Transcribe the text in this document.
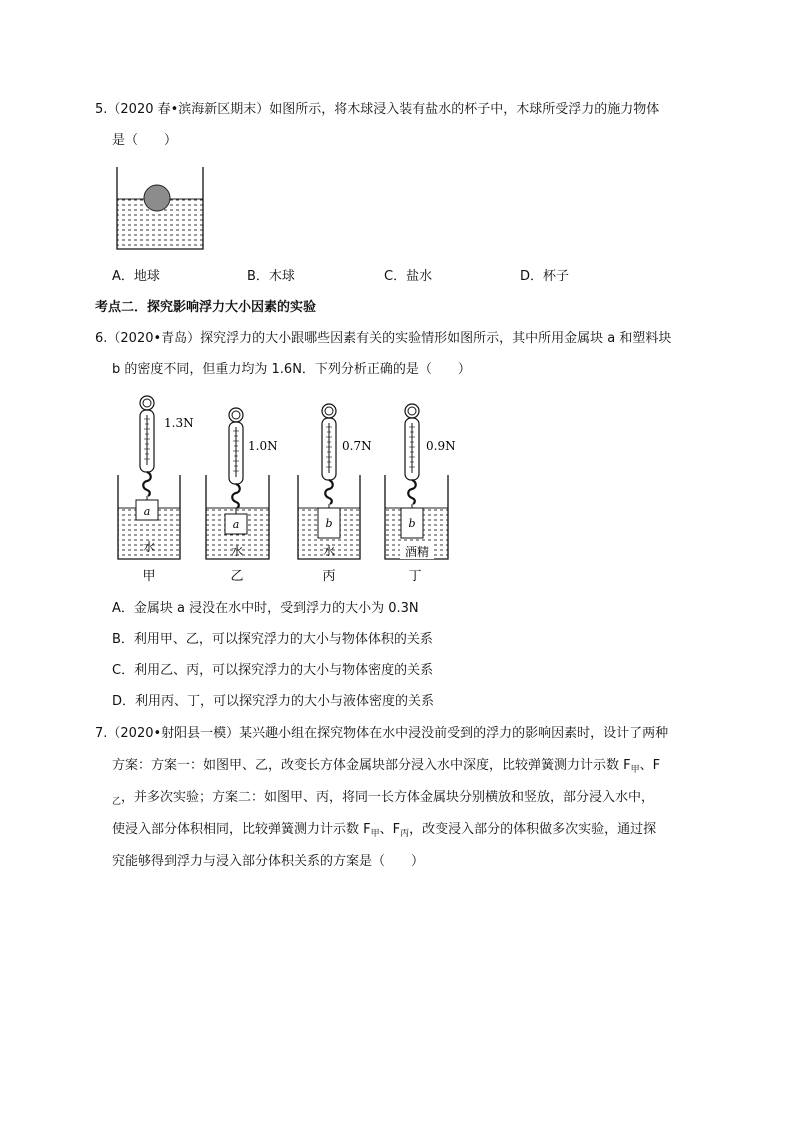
5.（2020 春•滨海新区期末）如图所示，将木球浸入装有盐水的杯子中，木球所受浮力的施力物体
是（　　）
A．地球	B．木球	C．盐水	D．杯子
考点二．探究影响浮力大小因素的实验
6.（2020•青岛）探究浮力的大小跟哪些因素有关的实验情形如图所示，其中所用金属块 a 和塑料块
b 的密度不同，但重力均为 1.6N．下列分析正确的是（　　）
a
1.3N
水
甲
a
1.0N
水
乙
b
0.7N
水
丙
b
0.9N
酒精
丁
A．金属块 a 浸没在水中时，受到浮力的大小为 0.3N
B．利用甲、乙，可以探究浮力的大小与物体体积的关系
C．利用乙、丙，可以探究浮力的大小与物体密度的关系
D．利用丙、丁，可以探究浮力的大小与液体密度的关系
7.（2020•射阳县一模）某兴趣小组在探究物体在水中浸没前受到的浮力的影响因素时，设计了两种
方案：方案一：如图甲、乙，改变长方体金属块部分浸入水中深度，比较弹簧测力计示数 $F_甲$、F
$_乙$，并多次实验；方案二：如图甲、丙，将同一长方体金属块分别横放和竖放，部分浸入水中，
使浸入部分体积相同，比较弹簧测力计示数 $F_甲$、$F_丙$，改变浸入部分的体积做多次实验，通过探
究能够得到浮力与浸入部分体积关系的方案是（　　）
